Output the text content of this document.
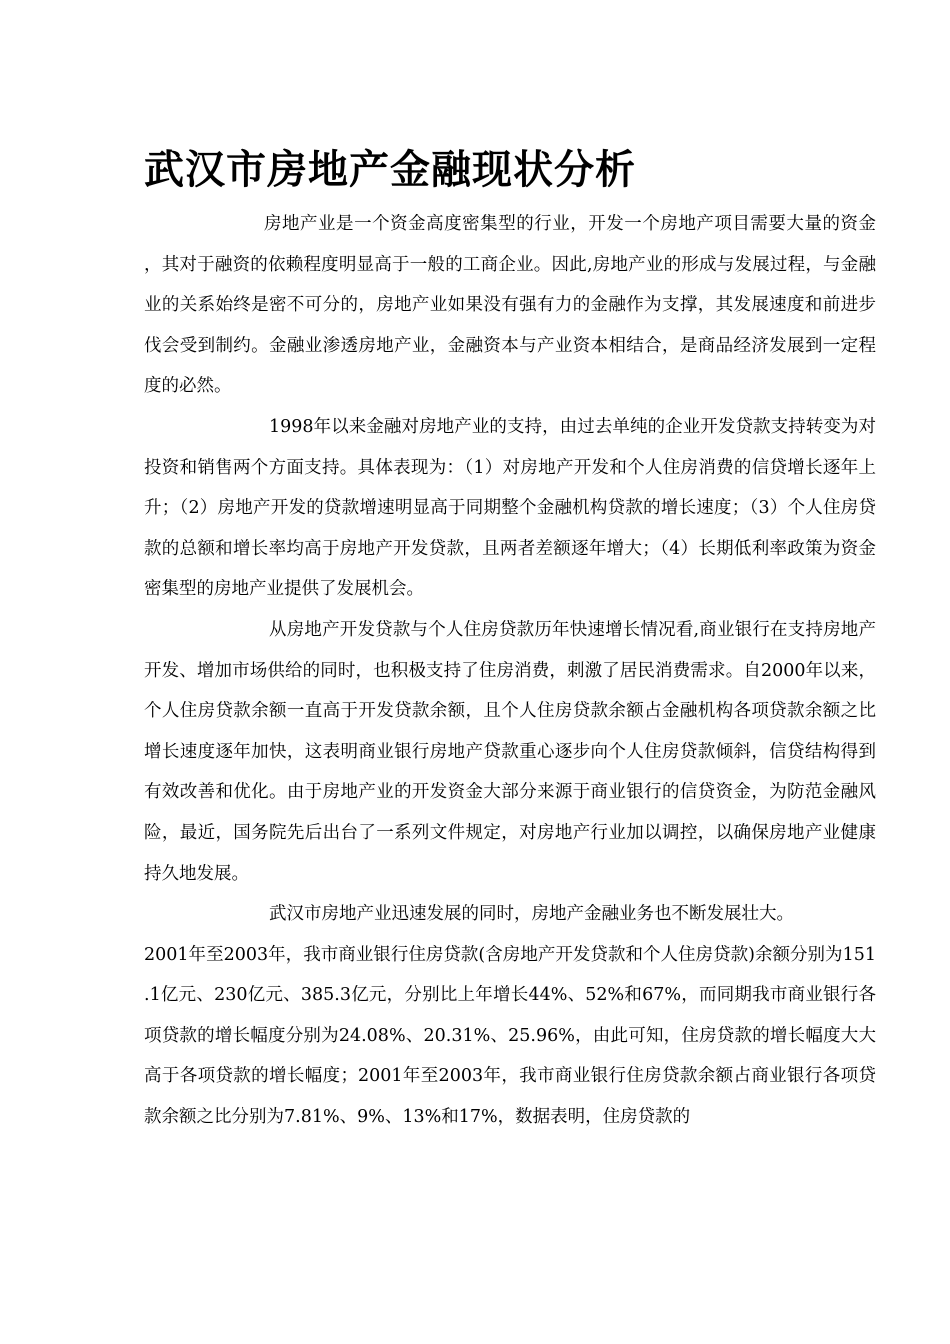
武汉市房地产金融现状分析

房地产业是一个资金高度密集型的行业，开发一个房地产项目需要大量的资金，其对于融资的依赖程度明显高于一般的工商企业。因此,房地产业的形成与发展过程，与金融业的关系始终是密不可分的，房地产业如果没有强有力的金融作为支撑，其发展速度和前进步伐会受到制约。金融业渗透房地产业，金融资本与产业资本相结合，是商品经济发展到一定程度的必然。

1998年以来金融对房地产业的支持，由过去单纯的企业开发贷款支持转变为对投资和销售两个方面支持。具体表现为：（1）对房地产开发和个人住房消费的信贷增长逐年上升；（2）房地产开发的贷款增速明显高于同期整个金融机构贷款的增长速度；（3）个人住房贷款的总额和增长率均高于房地产开发贷款，且两者差额逐年增大；（4）长期低利率政策为资金密集型的房地产业提供了发展机会。

从房地产开发贷款与个人住房贷款历年快速增长情况看,商业银行在支持房地产开发、增加市场供给的同时，也积极支持了住房消费，刺激了居民消费需求。自2000年以来，个人住房贷款余额一直高于开发贷款余额，且个人住房贷款余额占金融机构各项贷款余额之比增长速度逐年加快，这表明商业银行房地产贷款重心逐步向个人住房贷款倾斜，信贷结构得到有效改善和优化。由于房地产业的开发资金大部分来源于商业银行的信贷资金，为防范金融风险，最近，国务院先后出台了一系列文件规定，对房地产行业加以调控，以确保房地产业健康持久地发展。

武汉市房地产业迅速发展的同时，房地产金融业务也不断发展壮大。

2001年至2003年，我市商业银行住房贷款(含房地产开发贷款和个人住房贷款)余额分别为151.1亿元、230亿元、385.3亿元，分别比上年增长44%、52%和67%，而同期我市商业银行各项贷款的增长幅度分别为24.08%、20.31%、25.96%，由此可知，住房贷款的增长幅度大大高于各项贷款的增长幅度；2001年至2003年，我市商业银行住房贷款余额占商业银行各项贷款余额之比分别为7.81%、9%、13%和17%，数据表明，住房贷款的
